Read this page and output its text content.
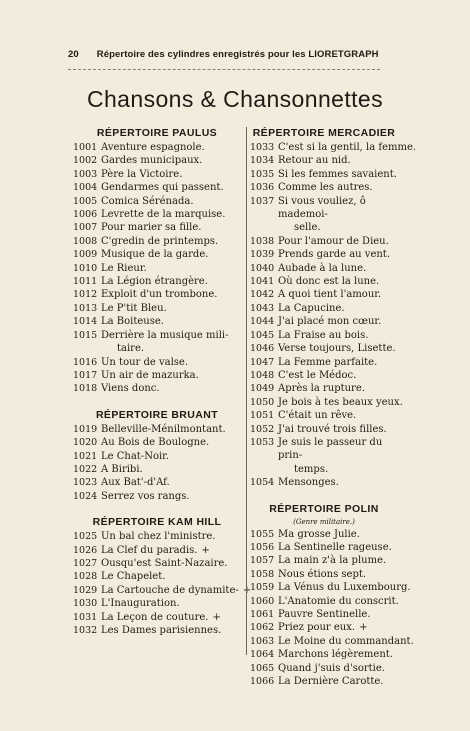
20 Répertoire des cylindres enregistrés pour les LIORETGRAPH
Chansons & Chansonnettes
RÉPERTOIRE PAULUS
1001 Aventure espagnole.
1002 Gardes municipaux.
1003 Père la Victoire.
1004 Gendarmes qui passent.
1005 Comica Sérénada.
1006 Levrette de la marquise.
1007 Pour marier sa fille.
1008 C'gredin de printemps.
1009 Musique de la garde.
1010 Le Rieur.
1011 La Légion étrangère.
1012 Exploit d'un trombone.
1013 Le P'tit Bleu.
1014 La Boiteuse.
1015 Derrière la musique mili-
taire.
1016 Un tour de valse.
1017 Un air de mazurka.
1018 Viens donc.
RÉPERTOIRE BRUANT
1019 Belleville-Ménilmontant.
1020 Au Bois de Boulogne.
1021 Le Chat-Noir.
1022 A Biribi.
1023 Aux Bat'-d'Af.
1024 Serrez vos rangs.
RÉPERTOIRE KAM HILL
1025 Un bal chez l'ministre.
1026 La Clef du paradis. +
1027 Ousqu'est Saint-Nazaire.
1028 Le Chapelet.
1029 La Cartouche de dynamite- +
1030 L'Inauguration.
1031 La Leçon de couture. +
1032 Les Dames parisiennes.
RÉPERTOIRE MERCADIER
1033 C'est si la gentil, la femme.
1034 Retour au nid.
1035 Si les femmes savaient.
1036 Comme les autres.
1037 Si vous vouliez, ô mademoi-
selle.
1038 Pour l'amour de Dieu.
1039 Prends garde au vent.
1040 Aubade à la lune.
1041 Où donc est la lune.
1042 A quoi tient l'amour.
1043 La Capucine.
1044 J'ai placé mon cœur.
1045 La Fraise au bois.
1046 Verse toujours, Lisette.
1047 La Femme parfaite.
1048 C'est le Médoc.
1049 Après la rupture.
1050 Je bois à tes beaux yeux.
1051 C'était un rêve.
1052 J'ai trouvé trois filles.
1053 Je suis le passeur du prin-
temps.
1054 Mensonges.
RÉPERTOIRE POLIN
(Genre militaire.)
1055 Ma grosse Julie.
1056 La Sentinelle rageuse.
1057 La main z'à la plume.
1058 Nous étions sept.
1059 La Vénus du Luxembourg.
1060 L'Anatomie du conscrit.
1061 Pauvre Sentinelle.
1062 Priez pour eux. +
1063 Le Moine du commandant.
1064 Marchons légèrement.
1065 Quand j'suis d'sortie.
1066 La Dernière Carotte.
